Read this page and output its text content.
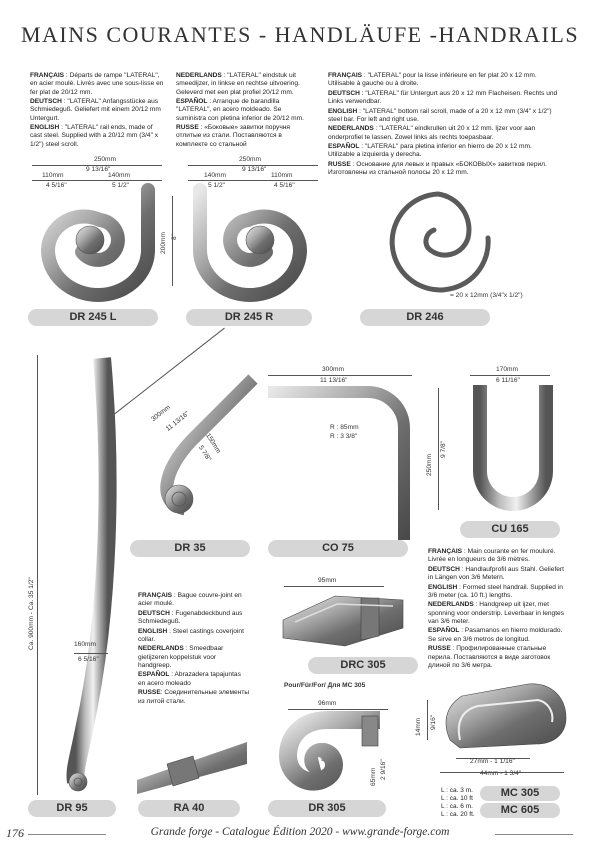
MAINS COURANTES - HANDLÄUFE -HANDRAILS

FRANÇAIS : Départs de rampe "LATERAL", en acier moulé. Livrés avec une sous-lisse en fer plat de 20/12 mm.

DEUTSCH : "LATERAL" Anfangsstücke aus Schmiedeguß. Geliefert mit einem 20/12 mm Untergurt.

ENGLISH : "LATERAL" rail ends, made of cast steel. Supplied with a 20/12 mm (3/4" x 1/2") steel scroll.

NEDERLANDS : "LATERAL" eindstuk uit smeedijzer, in linkse en rechtse uitvoering. Geleverd met een plat profiel 20/12 mm.

ESPAÑOL : Arranque de barandilla "LATERAL", en acero moldeado. Se suministra con pletina inferior de 20/12 mm.

RUSSE : «Боковые» завитки поручня отлитые из стали. Поставляются в комплекте со стальной

FRANÇAIS : "LATERAL" pour la lisse inférieure en fer plat 20 x 12 mm. Utilisable à gauche ou à droite.

DEUTSCH : "LATERAL" für Untergurt aus 20 x 12 mm Flacheisen. Rechts und Links verwendbar.

ENGLISH : "LATERAL" bottom rail scroll, made of a 20 x 12 mm (3/4" x 1/2") steel bar. For left and right use.

NEDERLANDS : "LATERAL" eindkrullen uit 20 x 12 mm. Ijzer voor aan onderprofiel te lassen. Zowel links als rechts toepasbaar.

ESPAÑOL : "LATERAL" para pletina inferior en hierro de 20 x 12 mm. Utilizable a izquierda y derecha.

RUSSE : Основание для левых и правых «БОКОВЫХ» завитков перил. Изготовлены из стальной полосы 20 x 12 mm.

250mm
9 13/16"
110mm	140mm
4 5/16"	5 1/2"
200mm 8"
DR 245 L
250mm
9 13/16"
140mm	110mm
5 1/2"	4 5/16"
DR 245 R
= 20 x 12mm (3/4"x 1/2")
DR 246
Ca. 900mm - Ca. 35 1/2"	160mm
6 5/16"
DR 95
300mm
11 13/16"
150mm
5 7/8"
DR 35
300mm
11 13/16"
R : 85mm
R : 3 3/8"
CO 75
170mm
6 11/16"
250mm
9 7/8"
CU 165

FRANÇAIS : Main courante en fer mouluré. Livrée en longueurs de 3/6 mètres.

DEUTSCH : Handlaufprofil aus Stahl. Geliefert in Längen von 3/6 Metern.

ENGLISH : Formed steel handrail. Supplied in 3/6 meter (ca. 10 ft.) lengths.

NEDERLANDS : Handgreep uit ijzer, met sponning voor onderstrip. Leverbaar in lengtes van 3/6 meter.

ESPAÑOL : Pasamanos en hierro moldurado. Se sirve en 3/6 metros de longitud.

RUSSE : Профилированные стальные перила. Поставляются в виде заготовок длиной по 3/6 метра.

FRANÇAIS : Bague couvre-joint en acier moulé.

DEUTSCH : Fugenabdeckbund aus Schmiedeguß.

ENGLISH : Steel castings coverjoint collar.

NEDERLANDS : Smeedbaar gietijzeren koppelstuk voor handgreep.

ESPAÑOL : Abrazadera tapajuntas en acero moleado

RUSSE: Соединительные элементы из литой стали.

95mm
DRC 305
Pour/Für/For/ Для MC 305
96mm
3 3/4"
65mm 2 9/16"
DR 305
RA 40
14mm 9/16"
27mm - 1 1/16"
44mm - 1 3/4"
L : ca. 3 m.
L : ca. 10 ft
L : ca. 6 m.
L : ca. 20 ft.
MC 305
MC 605
176	Grande forge - Catalogue Édition 2020 - www.grande-forge.com
